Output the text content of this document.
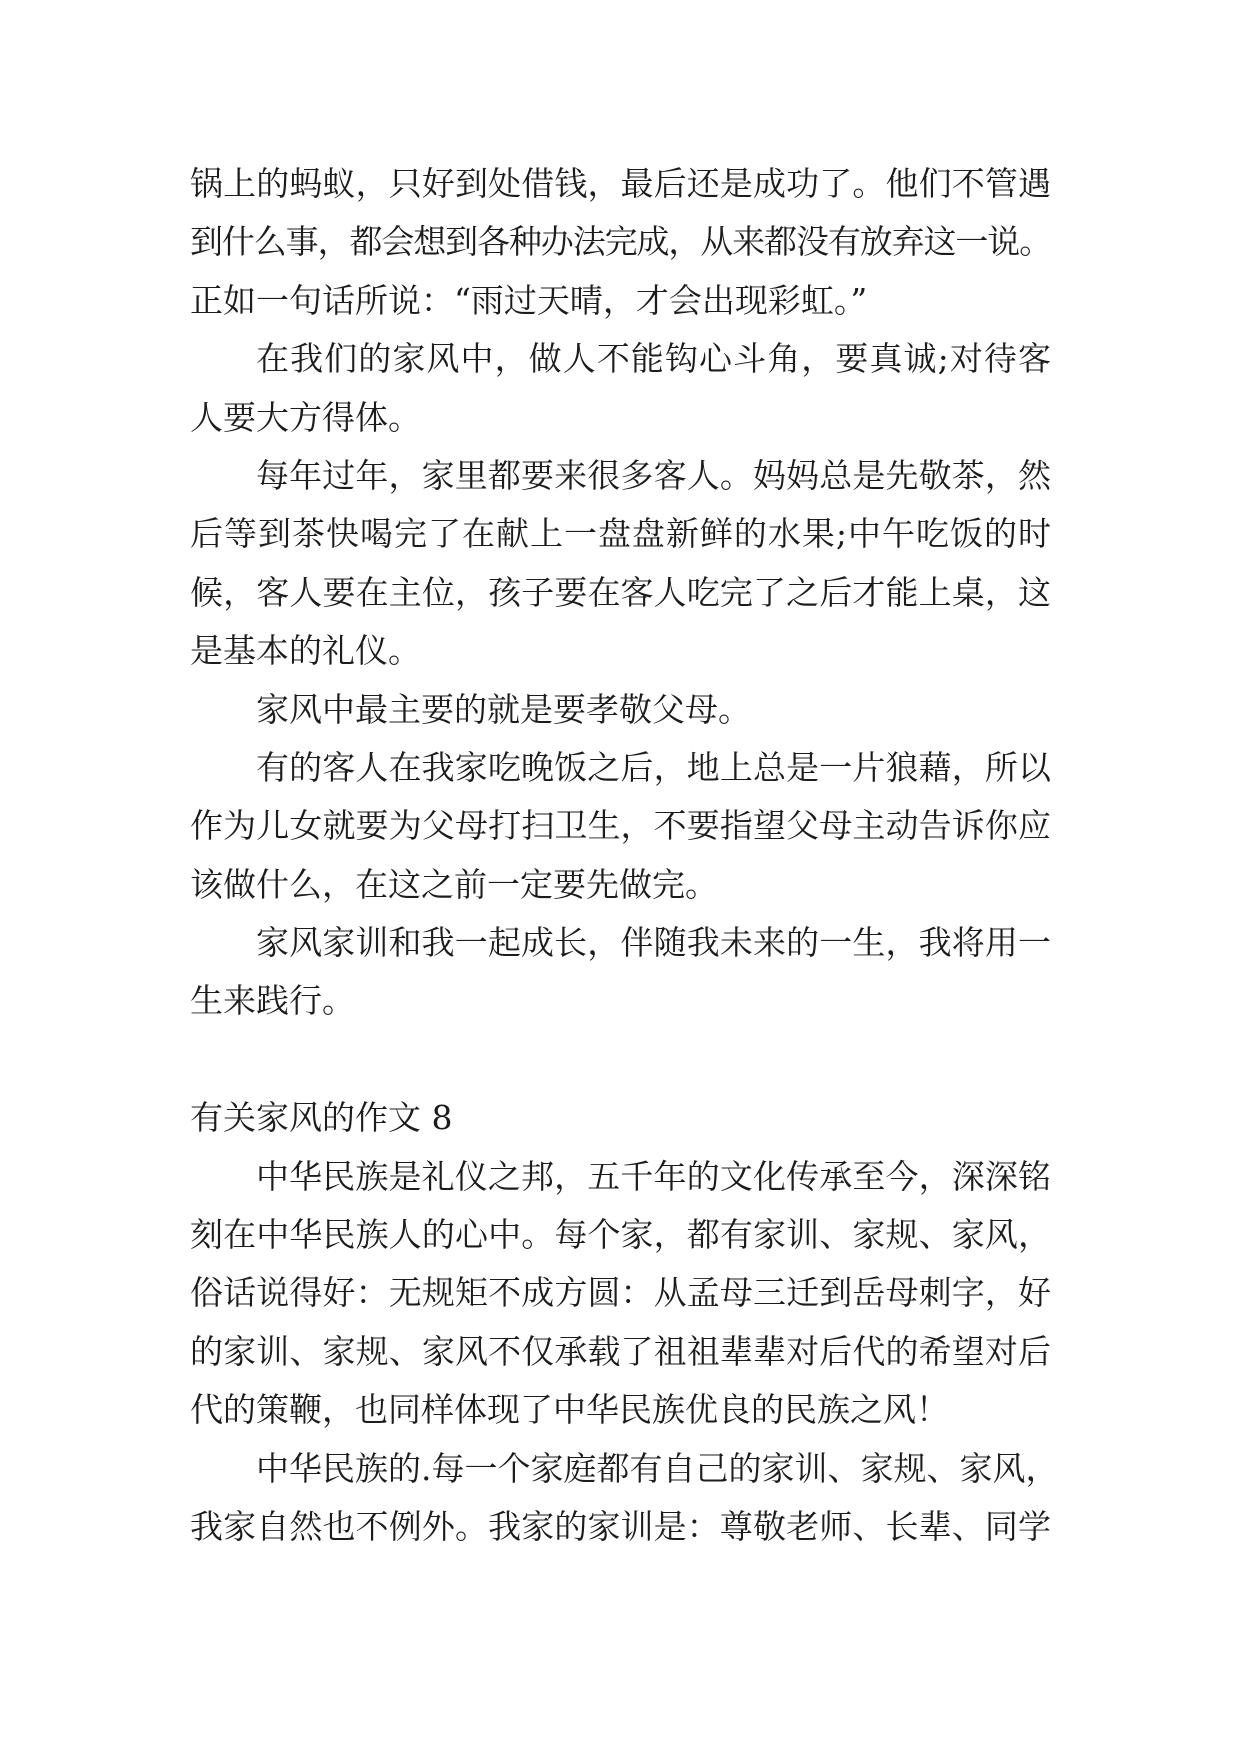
锅上的蚂蚁，只好到处借钱，最后还是成功了。他们不管遇
到什么事，都会想到各种办法完成，从来都没有放弃这一说。
正如一句话所说：“雨过天晴，才会出现彩虹。”
在我们的家风中，做人不能钩心斗角，要真诚;对待客
人要大方得体。
每年过年，家里都要来很多客人。妈妈总是先敬茶，然
后等到茶快喝完了在献上一盘盘新鲜的水果;中午吃饭的时
候，客人要在主位，孩子要在客人吃完了之后才能上桌，这
是基本的礼仪。
家风中最主要的就是要孝敬父母。
有的客人在我家吃晚饭之后，地上总是一片狼藉，所以
作为儿女就要为父母打扫卫生，不要指望父母主动告诉你应
该做什么，在这之前一定要先做完。
家风家训和我一起成长，伴随我未来的一生，我将用一
生来践行。
有关家风的作文 8
中华民族是礼仪之邦，五千年的文化传承至今，深深铭
刻在中华民族人的心中。每个家，都有家训、家规、家风，
俗话说得好：无规矩不成方圆：从孟母三迁到岳母刺字，好
的家训、家规、家风不仅承载了祖祖辈辈对后代的希望对后
代的策鞭，也同样体现了中华民族优良的民族之风！
中华民族的.每一个家庭都有自己的家训、家规、家风，
我家自然也不例外。我家的家训是：尊敬老师、长辈、同学
